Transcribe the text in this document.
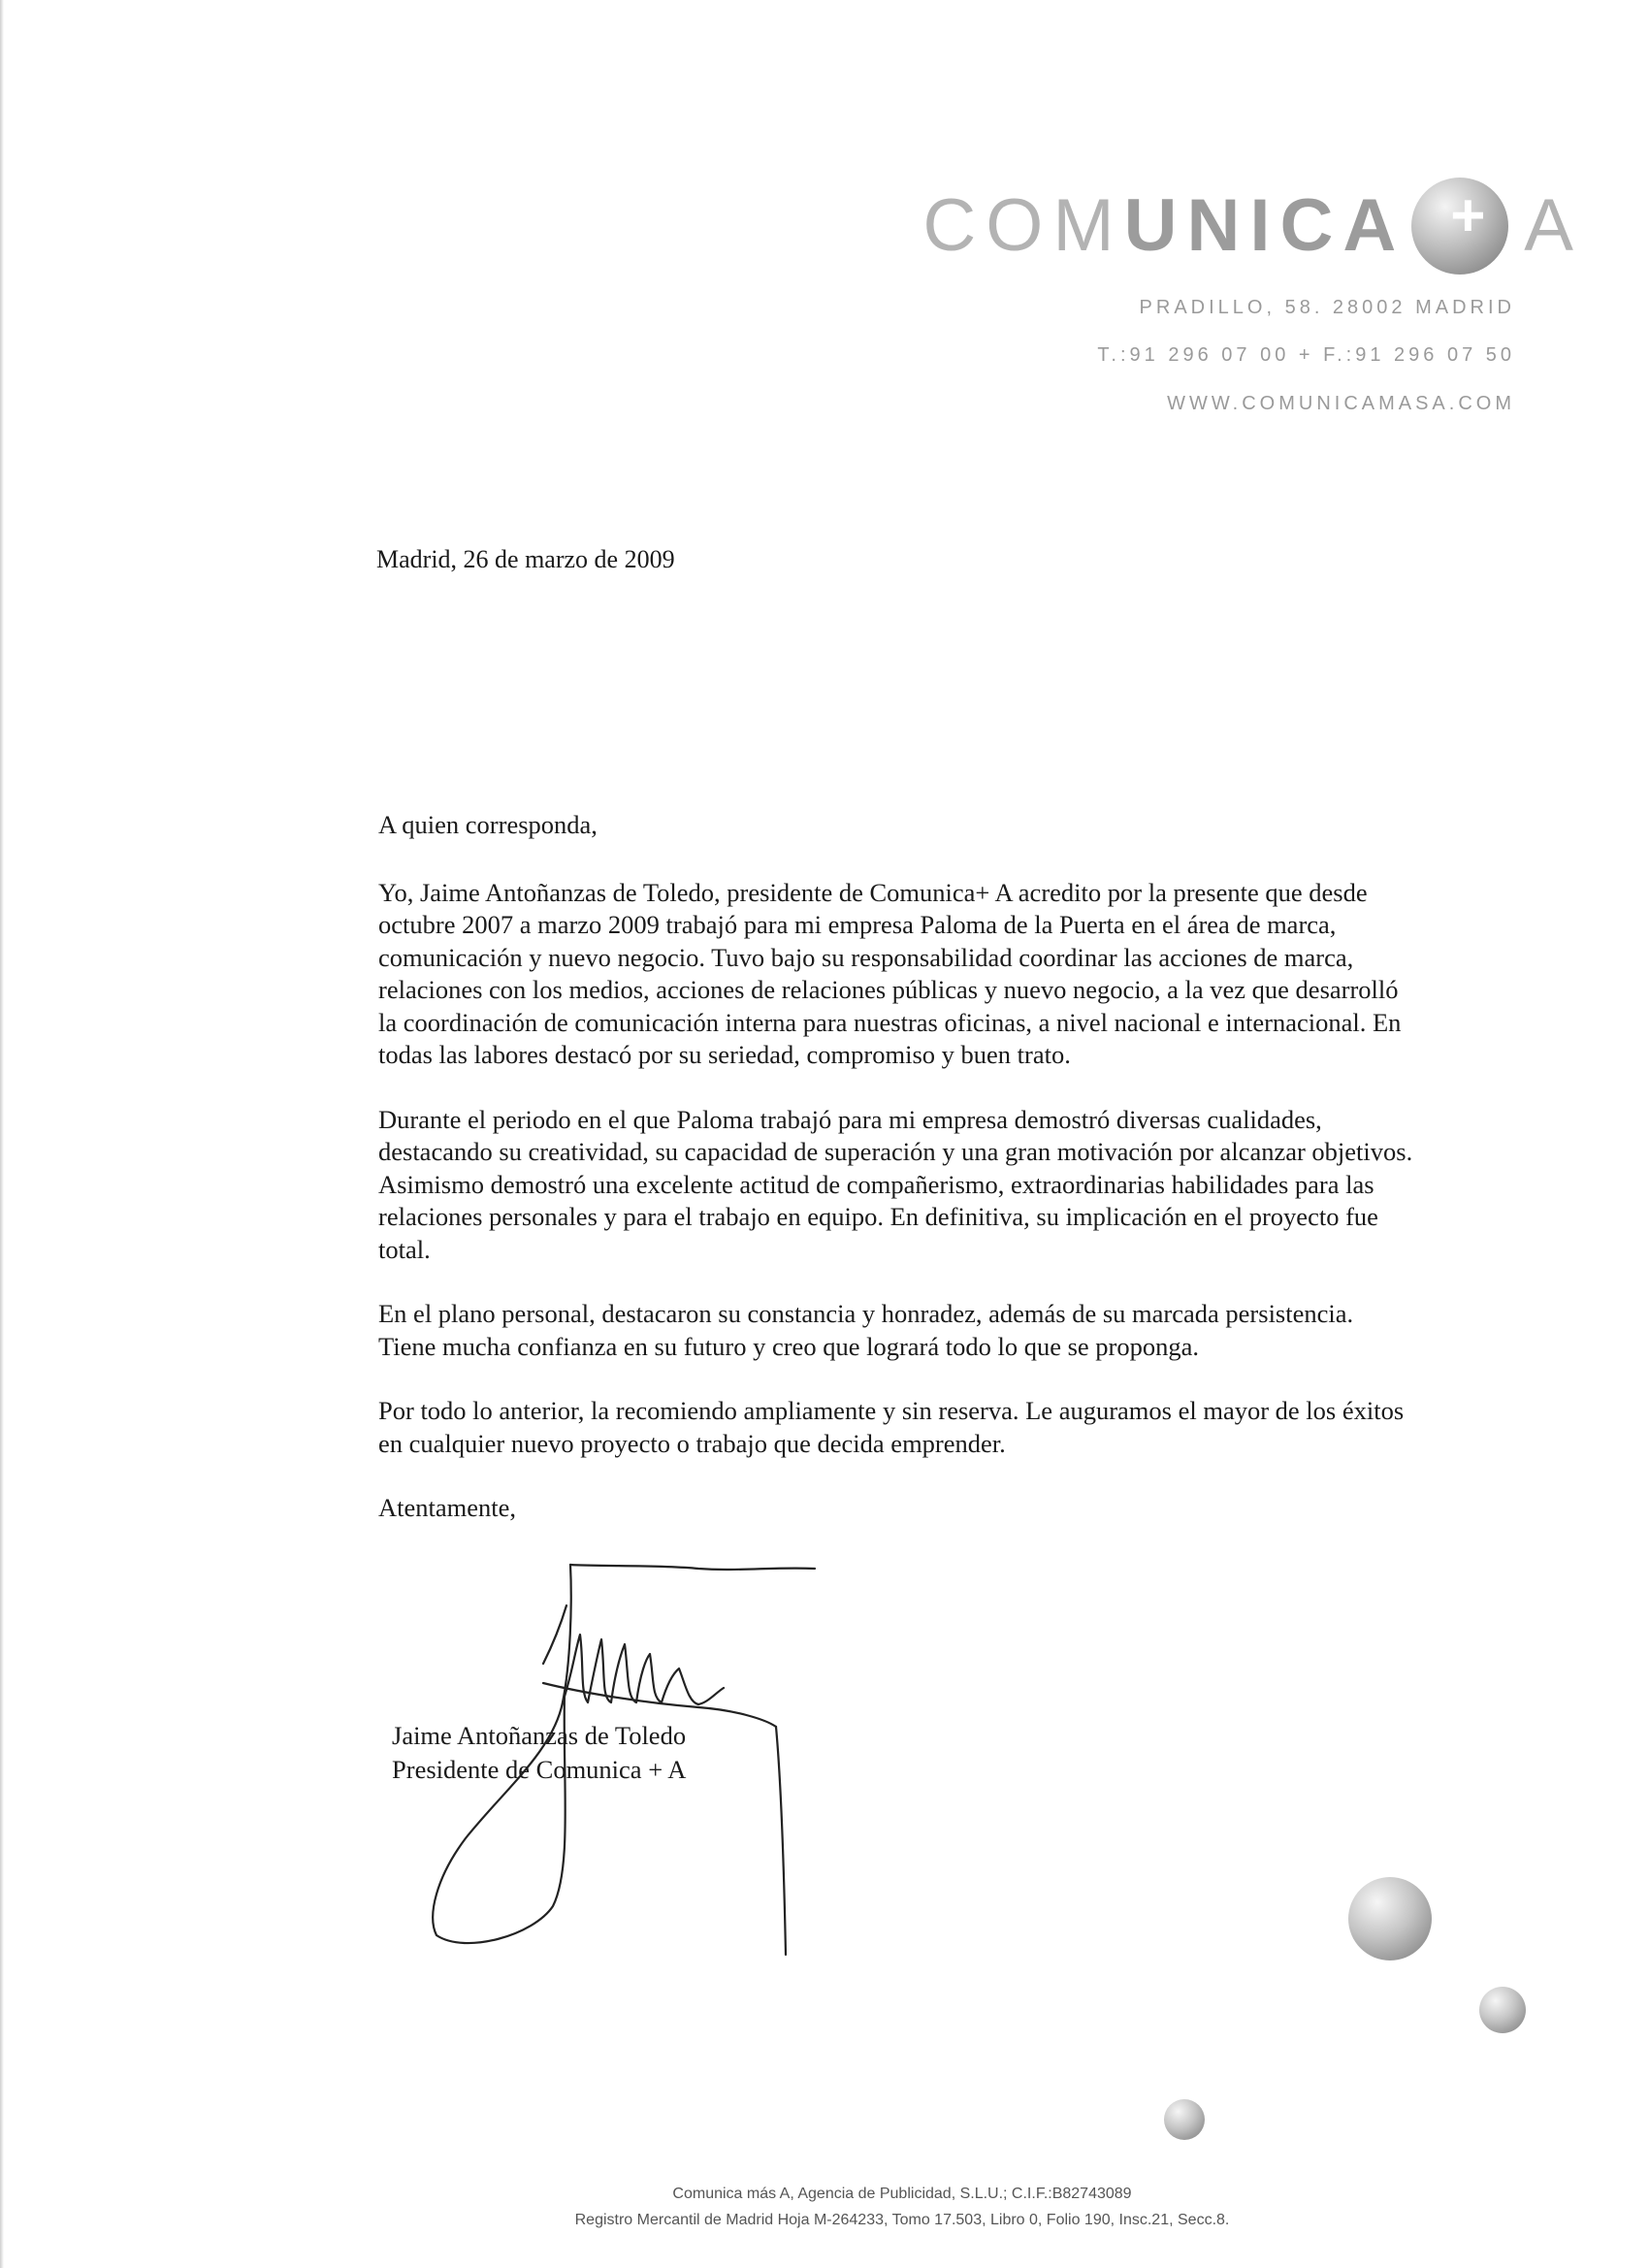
COM UNICA + A
PRADILLO, 58. 28002 MADRID
T.:91 296 07 00 + F.:91 296 07 50
WWW.COMUNICAMASA.COM
Madrid, 26 de marzo de 2009

A quien corresponda,

Yo, Jaime Antoñanzas de Toledo, presidente de Comunica+ A acredito por la presente que desde octubre 2007 a marzo 2009 trabajó para mi empresa Paloma de la Puerta en el área de marca, comunicación y nuevo negocio. Tuvo bajo su responsabilidad coordinar las acciones de marca, relaciones con los medios, acciones de relaciones públicas y nuevo negocio, a la vez que desarrolló la coordinación de comunicación interna para nuestras oficinas, a nivel nacional e internacional. En todas las labores destacó por su seriedad, compromiso y buen trato.

Durante el periodo en el que Paloma trabajó para mi empresa demostró diversas cualidades, destacando su creatividad, su capacidad de superación y una gran motivación por alcanzar objetivos. Asimismo demostró una excelente actitud de compañerismo, extraordinarias habilidades para las relaciones personales y para el trabajo en equipo. En definitiva, su implicación en el proyecto fue total.

En el plano personal, destacaron su constancia y honradez, además de su marcada persistencia. Tiene mucha confianza en su futuro y creo que logrará todo lo que se proponga.

Por todo lo anterior, la recomiendo ampliamente y sin reserva. Le auguramos el mayor de los éxitos en cualquier nuevo proyecto o trabajo que decida emprender.

Atentamente,

Jaime Antoñanzas de Toledo
Presidente de Comunica + A
Comunica más A, Agencia de Publicidad, S.L.U.; C.I.F.:B82743089
Registro Mercantil de Madrid Hoja M-264233, Tomo 17.503, Libro 0, Folio 190, Insc.21, Secc.8.
